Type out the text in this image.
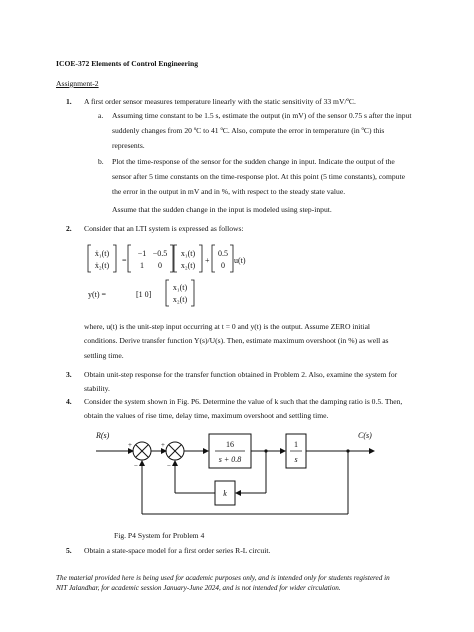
ICOE-372 Elements of Control Engineering
Assignment-2
1. A first order sensor measures temperature linearly with the static sensitivity of 33 mV/ºC.
a. Assuming time constant to be 1.5 s, estimate the output (in mV) of the sensor 0.75 s after the input
suddenly changes from 20 ºC to 41 ºC. Also, compute the error in temperature (in ºC) this
represents.
b. Plot the time-response of the sensor for the sudden change in input. Indicate the output of the
sensor after 5 time constants on the time-response plot. At this point (5 time constants), compute
the error in the output in mV and in %, with respect to the steady state value.
Assume that the sudden change in the input is modeled using step-input.
2. Consider that an LTI system is expressed as follows:
ẋ₁(t)
ẋ₂(t)
=
−1 −0.5
1 0
x₁(t)
x₂(t)
+
0.5
0
u(t)
y(t) =	[1 0]
x₁(t)
x₂(t)
where, u(t) is the unit-step input occurring at t = 0 and y(t) is the output. Assume ZERO initial
conditions. Derive transfer function Y(s)/U(s). Then, estimate maximum overshoot (in %) as well as
settling time.
3. Obtain unit-step response for the transfer function obtained in Problem 2. Also, examine the system for
stability.
4. Consider the system shown in Fig. P6. Determine the value of k such that the damping ratio is 0.5. Then,
obtain the values of rise time, delay time, maximum overshoot and settling time.
R(s)	C(s)
16
s + 0.8
1
s
k
+
−
+
−
Fig. P4 System for Problem 4
5. Obtain a state-space model for a first order series R-L circuit.
The material provided here is being used for academic purposes only, and is intended only for students registered in
NIT Jalandhar, for academic session January-June 2024, and is not intended for wider circulation.
